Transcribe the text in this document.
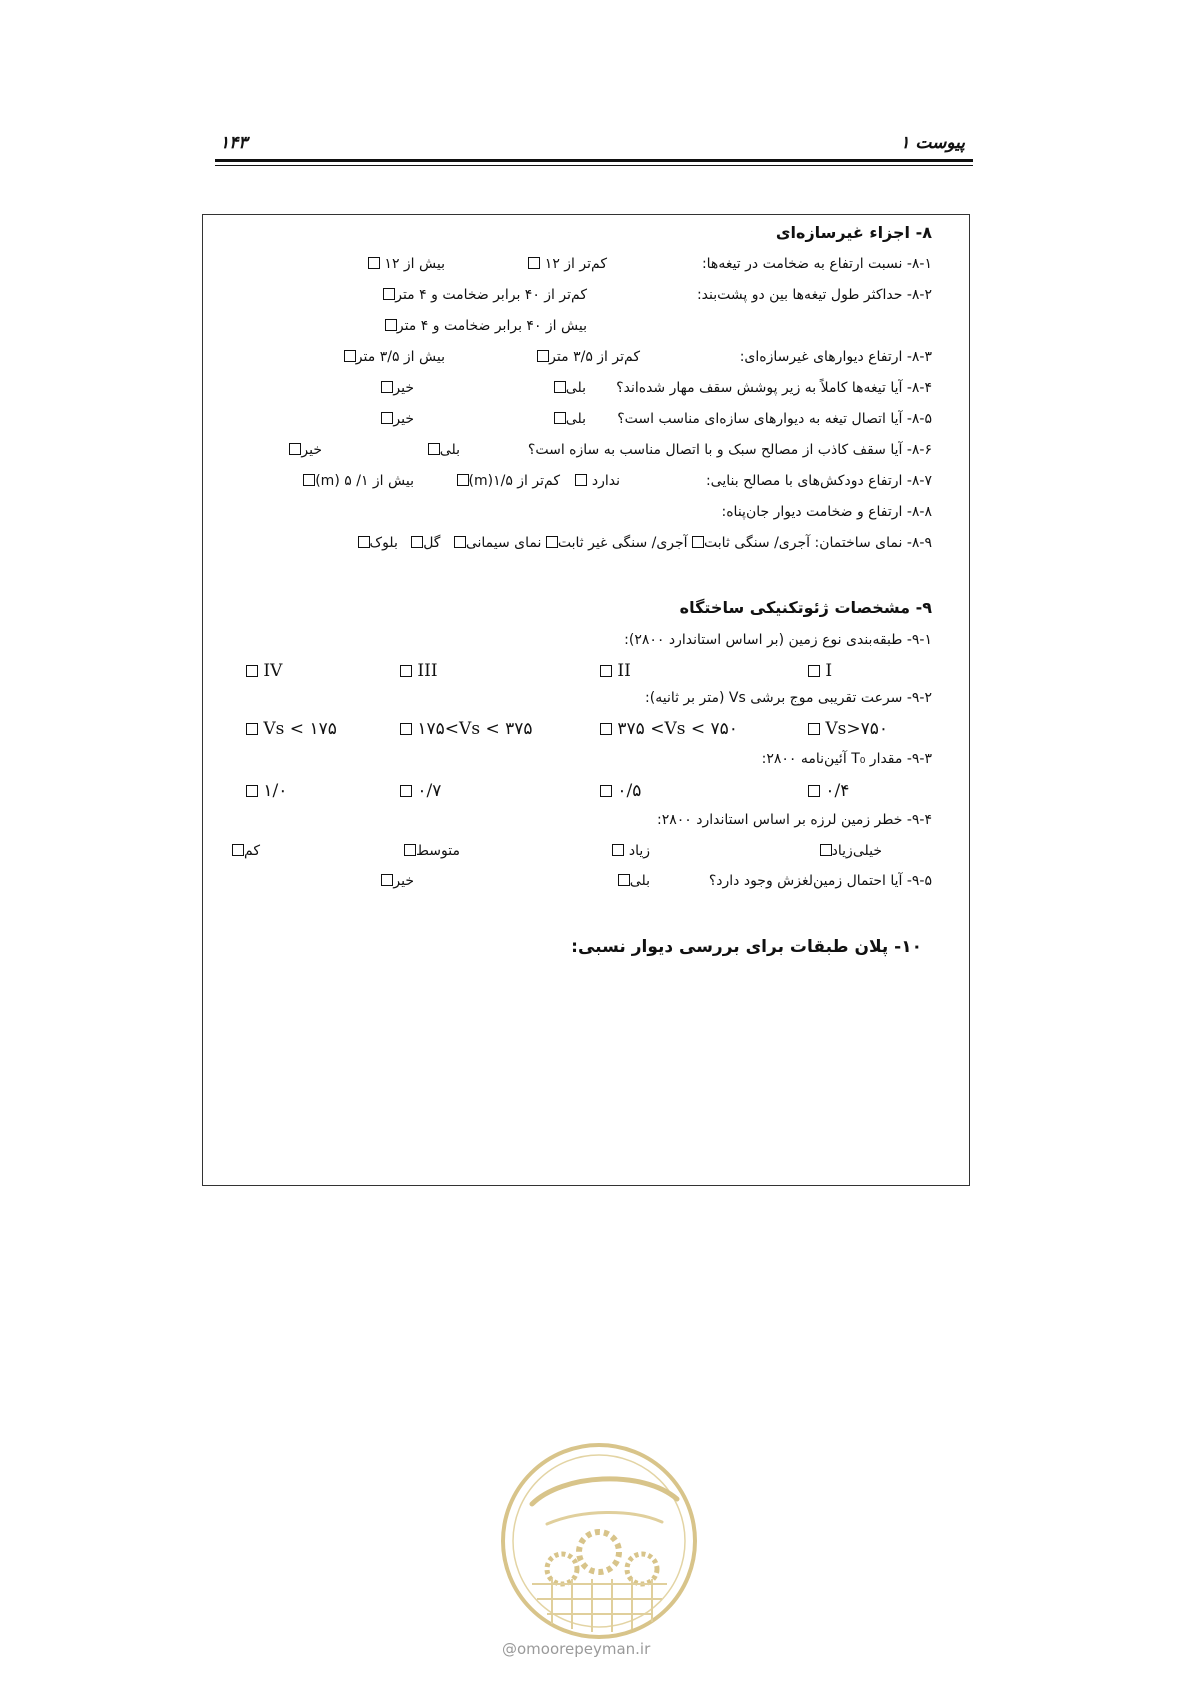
۱۴۳	پیوست ۱
۸- اجزاء غیرسازه‌ای
۸-۱- نسبت ارتفاع به ضخامت در تیغه‌ها:
کم‌تر از ۱۲
بیش از ۱۲
۸-۲- حداکثر طول تیغه‌ها بین دو پشت‌بند:
کم‌تر از ۴۰ برابر ضخامت و ۴ متر
بیش از ۴۰ برابر ضخامت و ۴ متر
۸-۳- ارتفاع دیوارهای غیرسازه‌ای:
کم‌تر از ۳/۵ متر
بیش از ۳/۵ متر
۸-۴- آیا تیغه‌ها کاملاً به زیر پوشش سقف مهار شده‌اند؟
بلی
خیر
۸-۵- آیا اتصال تیغه به دیوارهای سازه‌ای مناسب است؟
بلی
خیر
۸-۶- آیا سقف کاذب از مصالح سبک و با اتصال مناسب به سازه است؟
بلی
خیر
۸-۷- ارتفاع دودکش‌های با مصالح بنایی:
ندارد
کم‌تر از ۱/۵(m)
بیش از ۱/ ۵ (m)
۸-۸- ارتفاع و ضخامت دیوار جان‌پناه:
۸-۹- نمای ساختمان: آجری/ سنگی ثابت آجری/ سنگی غیر ثابت نمای سیمانی   گل   بلوک
۹- مشخصات ژئوتکنیکی ساختگاه
۹-۱- طبقه‌بندی نوع زمین (بر اساس استاندارد ۲۸۰۰):
I
II
III
IV
۹-۲- سرعت تقریبی موج برشی Vs (متر بر ثانیه):
Vs>۷۵۰
۳۷۵ <Vs < ۷۵۰
۱۷۵<Vs < ۳۷۵
Vs < ۱۷۵
۹-۳- مقدار T₀ آئین‌نامه ۲۸۰۰:
۰/۴
۰/۵
۰/۷
۱/۰
۹-۴- خطر زمین لرزه بر اساس استاندارد ۲۸۰۰:
خیلی‌زیاد
زیاد
متوسط
کم
۹-۵- آیا احتمال زمین‌لغزش وجود دارد؟
بلی
خیر
۱۰- پلان طبقات برای بررسی دیوار نسبی:
@omoorepeyman.ir
